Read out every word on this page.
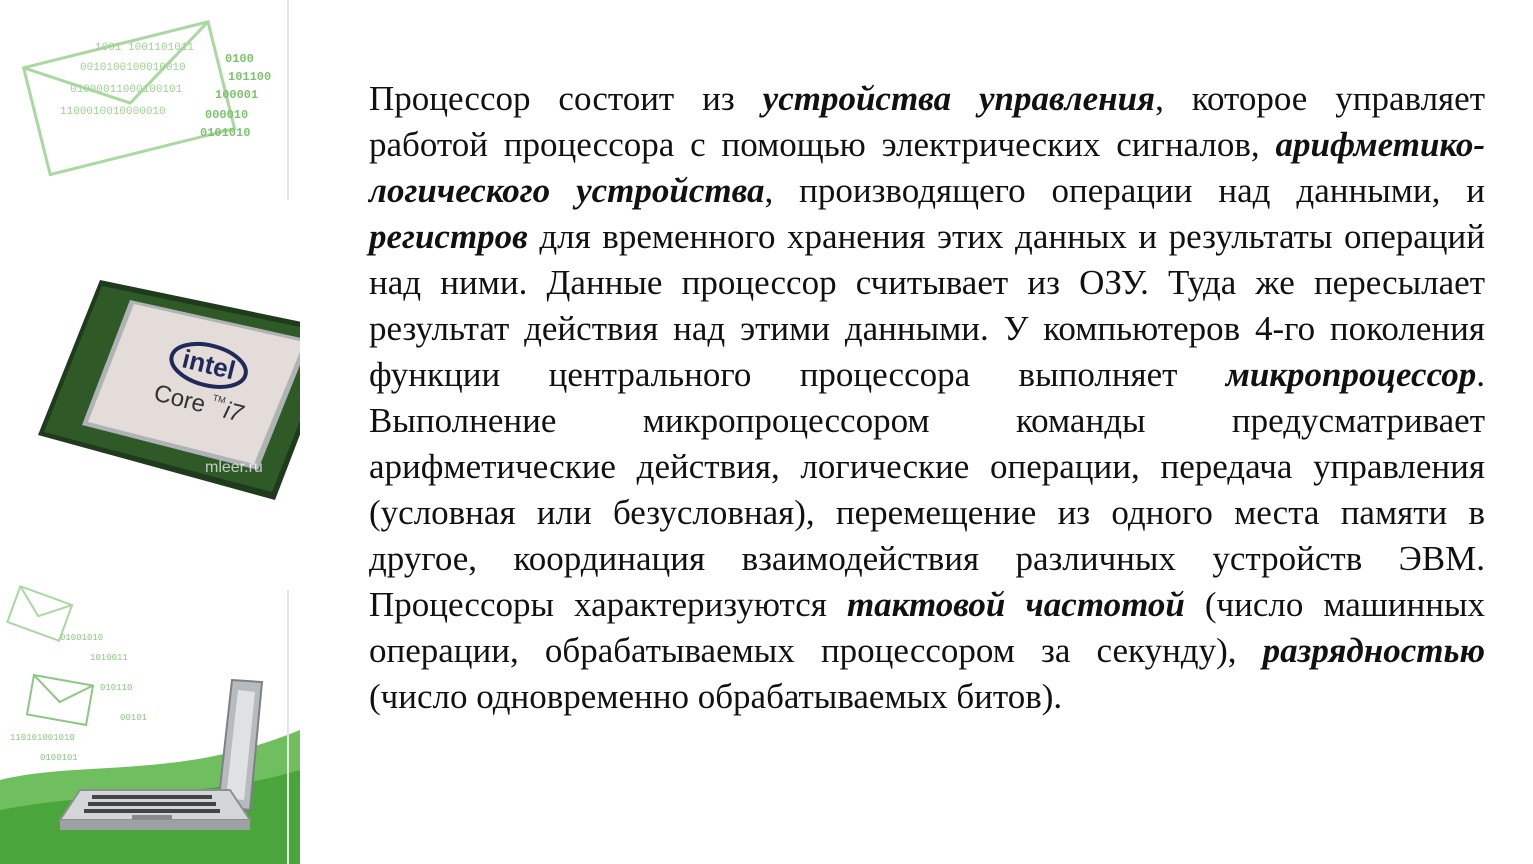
1001 1001101011
0010100100010010
01000011000100101
1100010010000010
0100
101100
100001
000010
0101010
01001010
1010011
010110
00101
110101001010
0100101
intel
Core TM
i7
mleer.ru
Процессор состоит из устройства управления, которое управляет работой процессора с помощью электрических сигналов, арифметико-логического устройства, производящего операции над данными, и регистров для временного хранения этих данных и результаты операций над ними. Данные процессор считывает из ОЗУ. Туда же пересылает результат действия над этими данными. У компьютеров 4-го поколения функции центрального процессора выполняет микропроцессор. Выполнение микропроцессором команды предусматривает арифметические действия, логические операции, передача управления (условная или безусловная), перемещение из одного места памяти в другое, координация взаимодействия различных устройств ЭВМ. Процессоры характеризуются тактовой частотой (число машинных операции, обрабатываемых процессором за секунду), разрядностью (число одновременно обрабатываемых битов).
